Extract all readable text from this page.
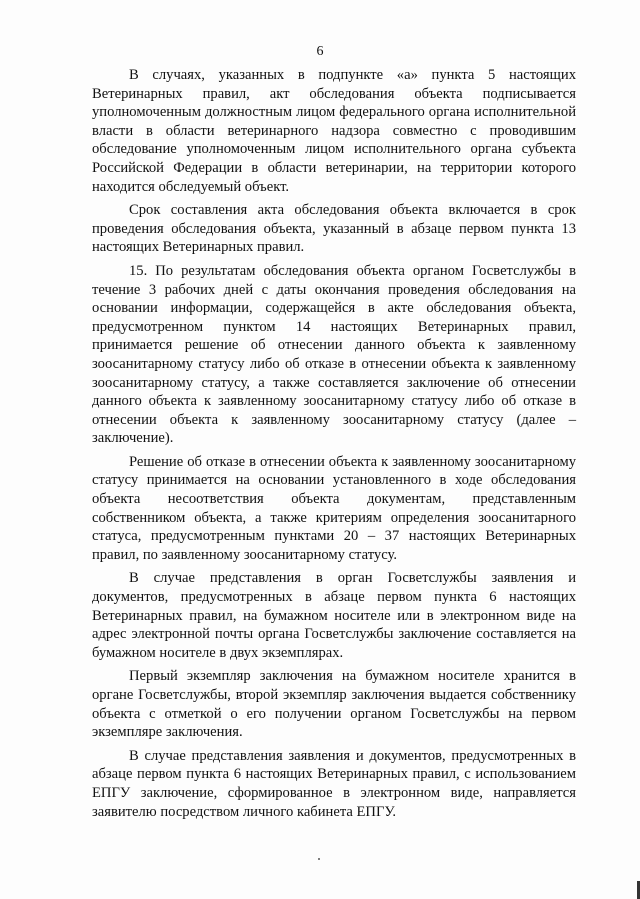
6

В случаях, указанных в подпункте «а» пункта 5 настоящих Ветеринарных правил, акт обследования объекта подписывается уполномоченным должностным лицом федерального органа исполнительной власти в области ветеринарного надзора совместно с проводившим обследование уполномоченным лицом исполнительного органа субъекта Российской Федерации в области ветеринарии, на территории которого находится обследуемый объект.

Срок составления акта обследования объекта включается в срок проведения обследования объекта, указанный в абзаце первом пункта 13 настоящих Ветеринарных правил.

15. По результатам обследования объекта органом Госветслужбы в течение 3 рабочих дней с даты окончания проведения обследования на основании информации, содержащейся в акте обследования объекта, предусмотренном пунктом 14 настоящих Ветеринарных правил, принимается решение об отнесении данного объекта к заявленному зоосанитарному статусу либо об отказе в отнесении объекта к заявленному зоосанитарному статусу, а также составляется заключение об отнесении данного объекта к заявленному зоосанитарному статусу либо об отказе в отнесении объекта к заявленному зоосанитарному статусу (далее – заключение).

Решение об отказе в отнесении объекта к заявленному зоосанитарному статусу принимается на основании установленного в ходе обследования объекта несоответствия объекта документам, представленным собственником объекта, а также критериям определения зоосанитарного статуса, предусмотренным пунктами 20 – 37 настоящих Ветеринарных правил, по заявленному зоосанитарному статусу.

В случае представления в орган Госветслужбы заявления и документов, предусмотренных в абзаце первом пункта 6 настоящих Ветеринарных правил, на бумажном носителе или в электронном виде на адрес электронной почты органа Госветслужбы заключение составляется на бумажном носителе в двух экземплярах.

Первый экземпляр заключения на бумажном носителе хранится в органе Госветслужбы, второй экземпляр заключения выдается собственнику объекта с отметкой о его получении органом Госветслужбы на первом экземпляре заключения.

В случае представления заявления и документов, предусмотренных в абзаце первом пункта 6 настоящих Ветеринарных правил, с использованием ЕПГУ заключение, сформированное в электронном виде, направляется заявителю посредством личного кабинета ЕПГУ.
